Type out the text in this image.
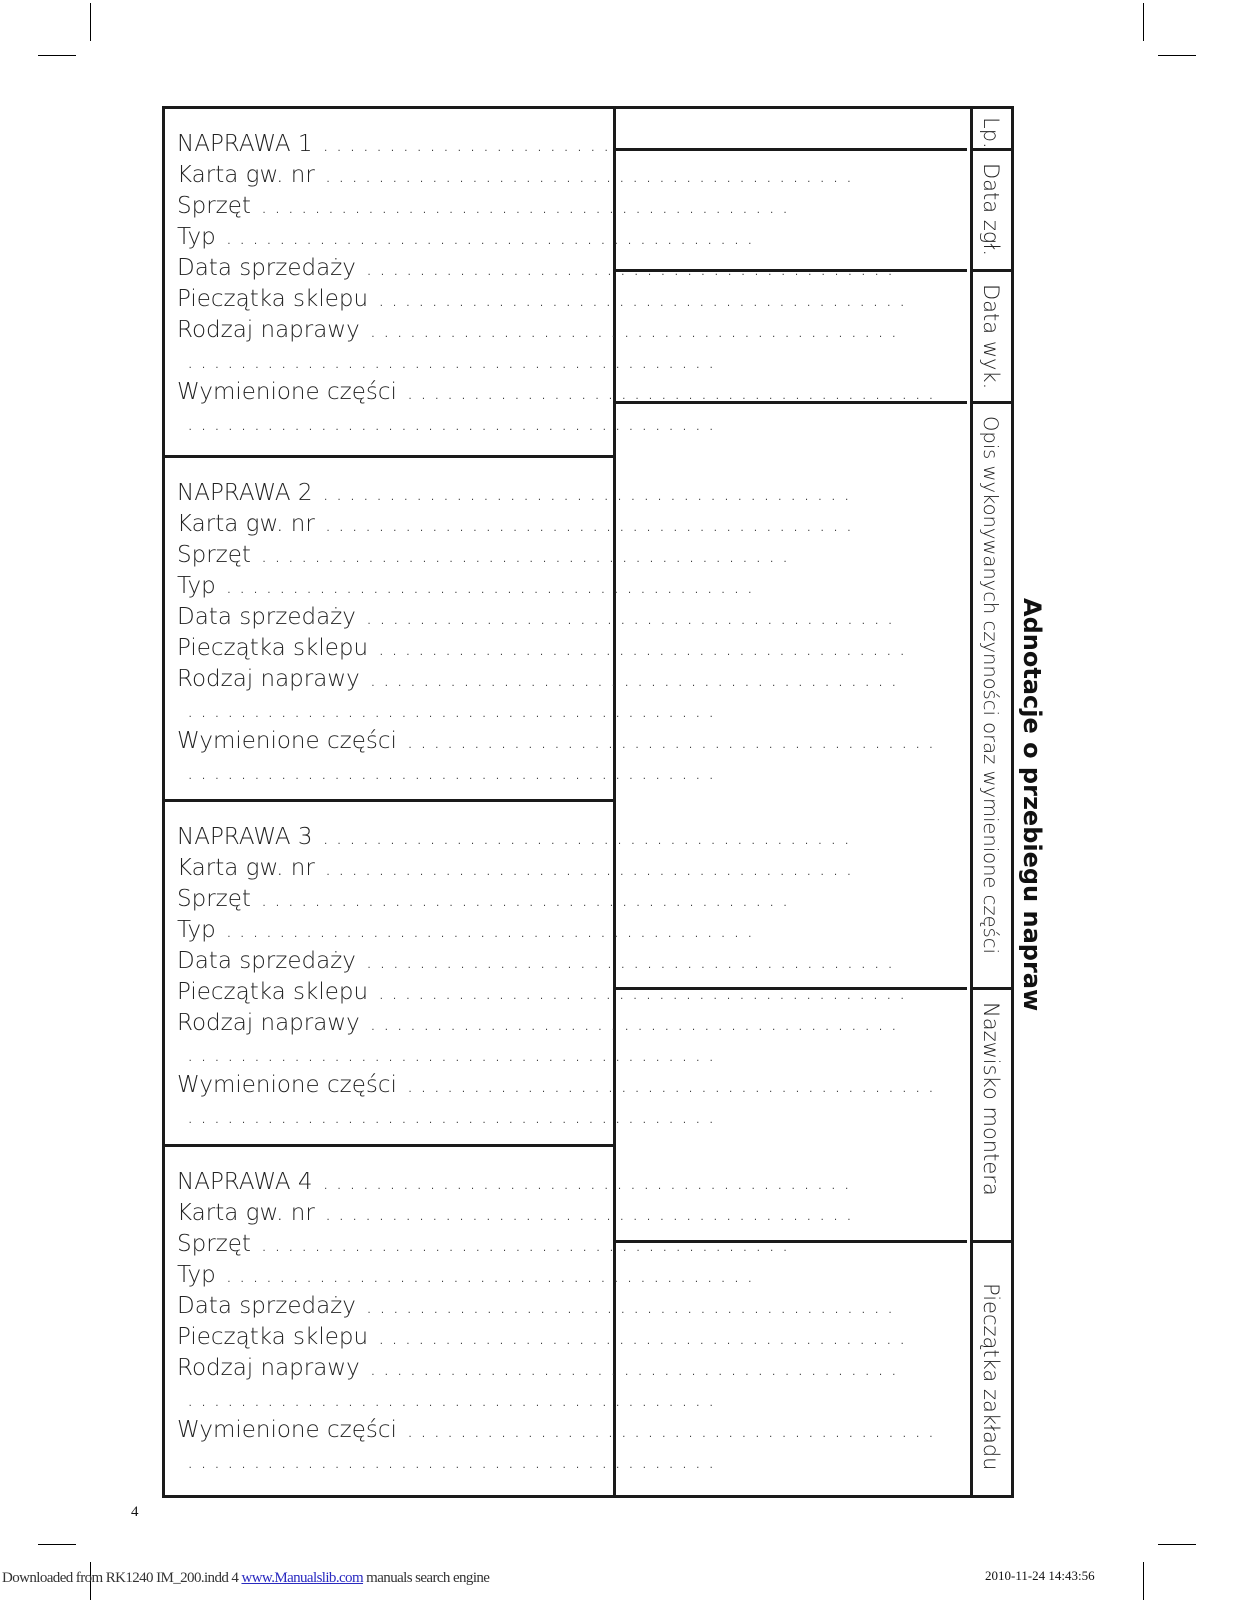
NAPRAWA 1 ........................................
Karta gw. nr ........................................
Sprzęt ........................................
Typ ........................................
Data sprzedaży ........................................
Pieczątka sklepu ........................................
Rodzaj naprawy ........................................
........................................
Wymienione części ........................................
........................................
NAPRAWA 2 ........................................
Karta gw. nr ........................................
Sprzęt ........................................
Typ ........................................
Data sprzedaży ........................................
Pieczątka sklepu ........................................
Rodzaj naprawy ........................................
........................................
Wymienione części ........................................
........................................
NAPRAWA 3 ........................................
Karta gw. nr ........................................
Sprzęt ........................................
Typ ........................................
Data sprzedaży ........................................
Pieczątka sklepu ........................................
Rodzaj naprawy ........................................
........................................
Wymienione części ........................................
........................................
NAPRAWA 4 ........................................
Karta gw. nr ........................................
Sprzęt ........................................
Typ ........................................
Data sprzedaży ........................................
Pieczątka sklepu ........................................
Rodzaj naprawy ........................................
........................................
Wymienione części ........................................
........................................
Lp.
Data zgł.
Data wyk.
Opis wykonywanych czynności oraz wymienione części
Nazwisko montera
Pieczątka zakładu
Adnotacje o przebiegu napraw
4
Downloaded from RK1240 IM_200.indd 4 www.Manualslib.com manuals search engine	2010-11-24 14:43:56
